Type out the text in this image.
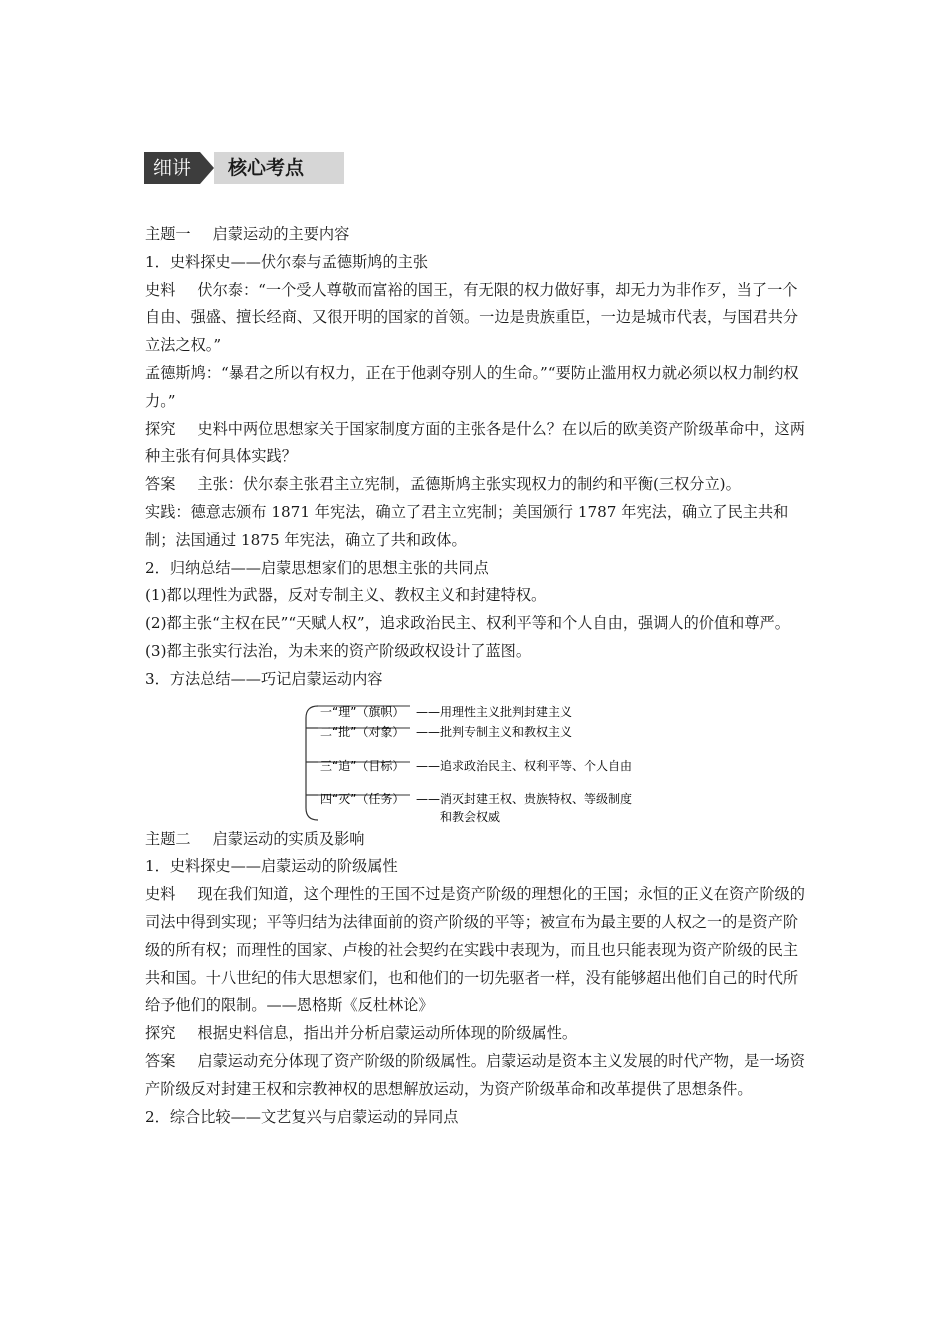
细讲	核心考点

主题一 启蒙运动的主要内容

1．史料探史——伏尔泰与孟德斯鸠的主张

史料 伏尔泰：“一个受人尊敬而富裕的国王，有无限的权力做好事，却无力为非作歹，当了一个自由、强盛、擅长经商、又很开明的国家的首领。一边是贵族重臣，一边是城市代表，与国君共分立法之权。”

孟德斯鸠：“暴君之所以有权力，正在于他剥夺别人的生命。”“要防止滥用权力就必须以权力制约权力。”

探究 史料中两位思想家关于国家制度方面的主张各是什么？在以后的欧美资产阶级革命中，这两种主张有何具体实践？

答案 主张：伏尔泰主张君主立宪制，孟德斯鸠主张实现权力的制约和平衡(三权分立)。

实践：德意志颁布 1871 年宪法，确立了君主立宪制；美国颁行 1787 年宪法，确立了民主共和制；法国通过 1875 年宪法，确立了共和政体。

2．归纳总结——启蒙思想家们的思想主张的共同点

(1)都以理性为武器，反对专制主义、教权主义和封建特权。

(2)都主张“主权在民”“天赋人权”，追求政治民主、权利平等和个人自由，强调人的价值和尊严。

(3)都主张实行法治，为未来的资产阶级政权设计了蓝图。

3．方法总结——巧记启蒙运动内容

一“理”（旗帜） ——用理性主义批判封建主义
二“批”（对象） ——批判专制主义和教权主义
三“追”（目标） ——追求政治民主、权利平等、个人自由
四“灭”（任务） ——消灭封建王权、贵族特权、等级制度
和教会权威

主题二 启蒙运动的实质及影响

1．史料探史——启蒙运动的阶级属性

史料 现在我们知道，这个理性的王国不过是资产阶级的理想化的王国；永恒的正义在资产阶级的司法中得到实现；平等归结为法律面前的资产阶级的平等；被宣布为最主要的人权之一的是资产阶级的所有权；而理性的国家、卢梭的社会契约在实践中表现为，而且也只能表现为资产阶级的民主共和国。十八世纪的伟大思想家们，也和他们的一切先驱者一样，没有能够超出他们自己的时代所给予他们的限制。——恩格斯《反杜林论》

探究 根据史料信息，指出并分析启蒙运动所体现的阶级属性。

答案 启蒙运动充分体现了资产阶级的阶级属性。启蒙运动是资本主义发展的时代产物，是一场资产阶级反对封建王权和宗教神权的思想解放运动，为资产阶级革命和改革提供了思想条件。

2．综合比较——文艺复兴与启蒙运动的异同点
